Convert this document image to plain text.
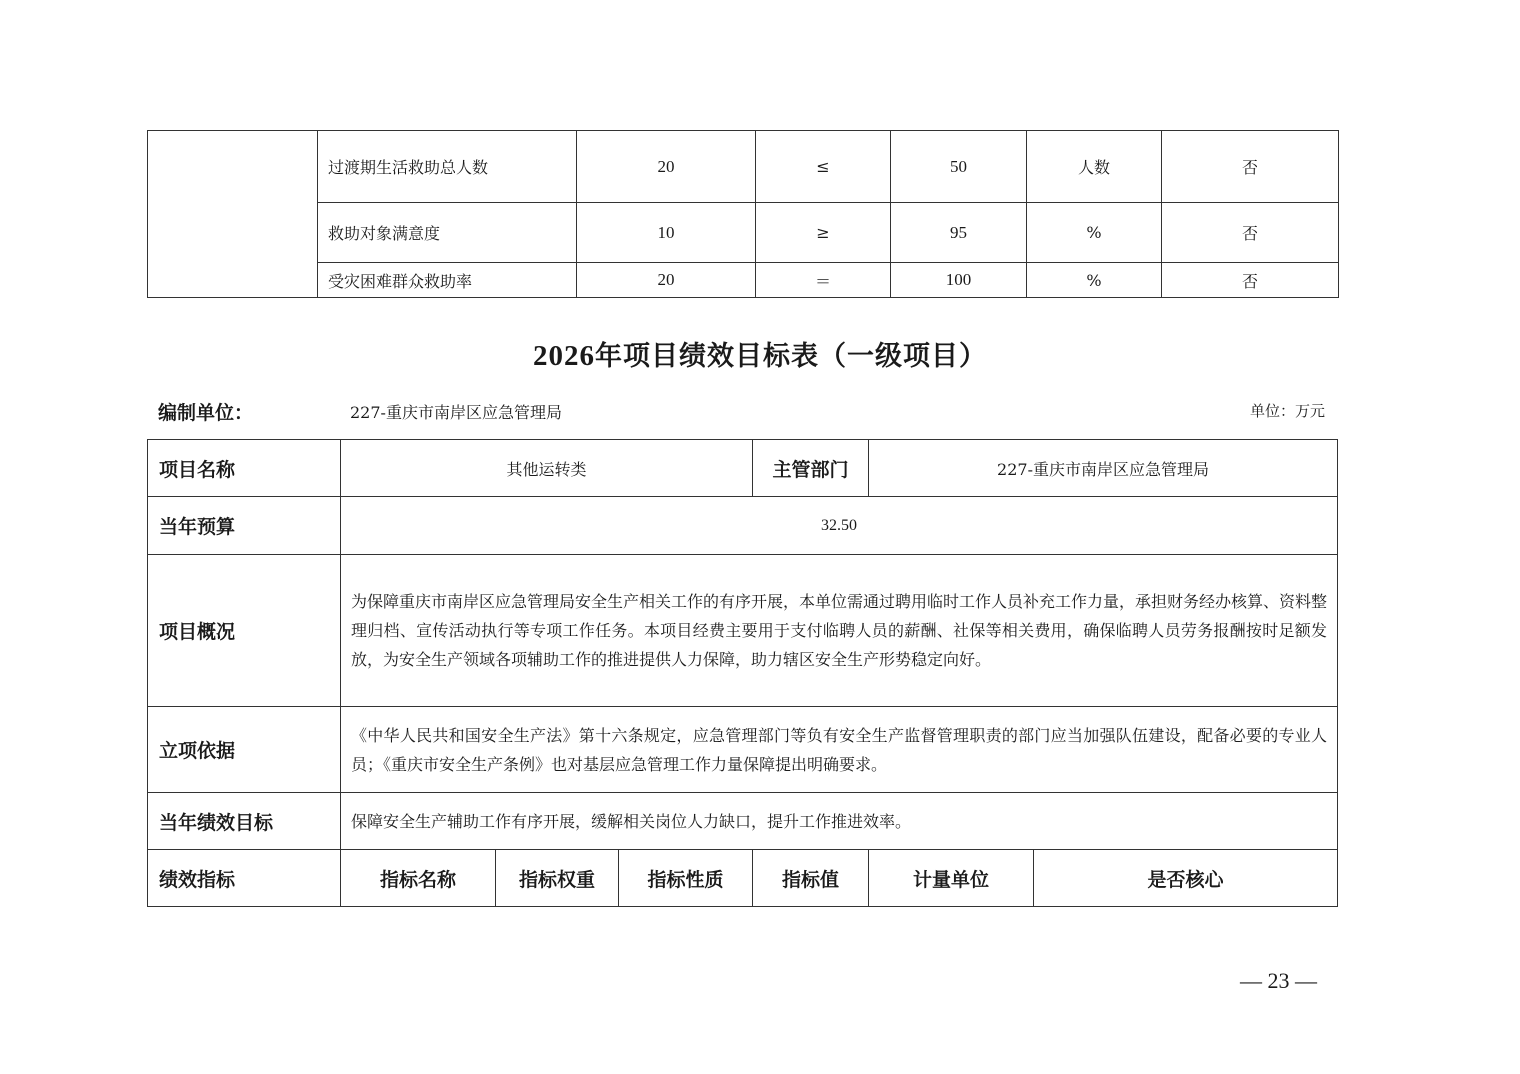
	过渡期生活救助总人数	20	≤	50	人数	否
	救助对象满意度	10	≥	95	%	否
	受灾困难群众救助率	20	＝	100	%	否
2026年项目绩效目标表（一级项目）
编制单位：	227-重庆市南岸区应急管理局	单位：万元
项目名称	其他运转类			主管部门	227-重庆市南岸区应急管理局	
当年预算	32.50					
项目概况	为保障重庆市南岸区应急管理局安全生产相关工作的有序开展，本单位需通过聘用临时工作人员补充工作力量，承担财务经办核算、资料整理归档、宣传活动执行等专项工作任务。本项目经费主要用于支付临聘人员的薪酬、社保等相关费用，确保临聘人员劳务报酬按时足额发放，为安全生产领域各项辅助工作的推进提供人力保障，助力辖区安全生产形势稳定向好。					
立项依据	《中华人民共和国安全生产法》第十六条规定，应急管理部门等负有安全生产监督管理职责的部门应当加强队伍建设，配备必要的专业人员；《重庆市安全生产条例》也对基层应急管理工作力量保障提出明确要求。					
当年绩效目标	保障安全生产辅助工作有序开展，缓解相关岗位人力缺口，提升工作推进效率。					
绩效指标	指标名称	指标权重	指标性质	指标值	计量单位	是否核心
— 23 —
